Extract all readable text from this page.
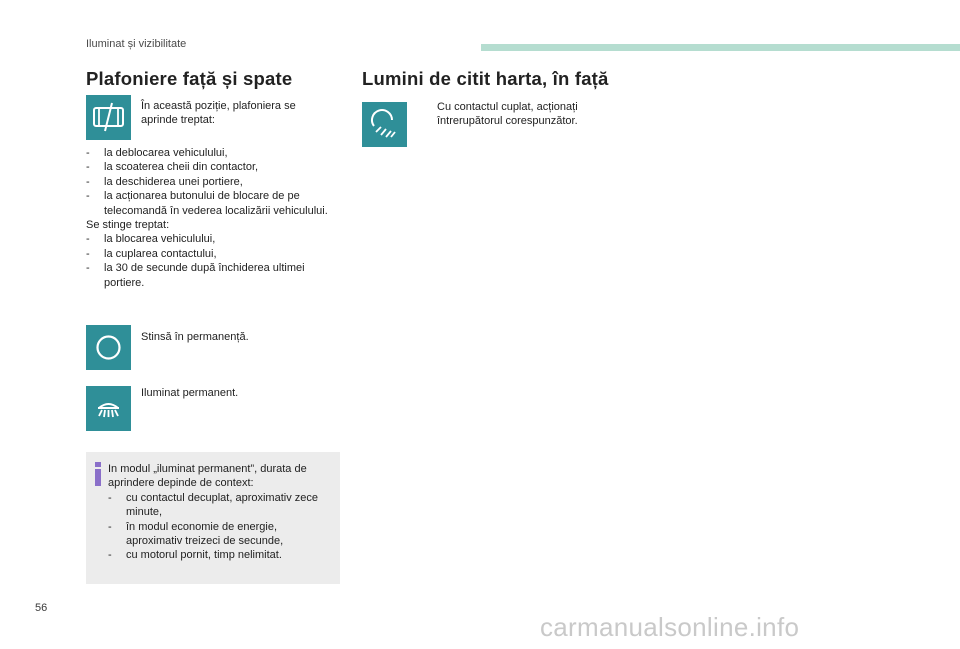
Iluminat și vizibilitate
Plafoniere față și spate
În această poziție, plafoniera se aprinde treptat:
- la deblocarea vehiculului,
- la scoaterea cheii din contactor,
- la deschiderea unei portiere,
- la acționarea butonului de blocare de pe telecomandă în vederea localizării vehiculului.
Se stinge treptat:
- la blocarea vehiculului,
- la cuplarea contactului,
- la 30 de secunde după închiderea ultimei portiere.
Stinsă în permanență.
Iluminat permanent.
In modul „iluminat permanent”, durata de aprindere depinde de context:
- cu contactul decuplat, aproximativ zece minute,
- în modul economie de energie, aproximativ treizeci de secunde,
- cu motorul pornit, timp nelimitat.
Lumini de citit harta, în față
Cu contactul cuplat, acționați întrerupătorul corespunzător.
56
carmanualsonline.info
